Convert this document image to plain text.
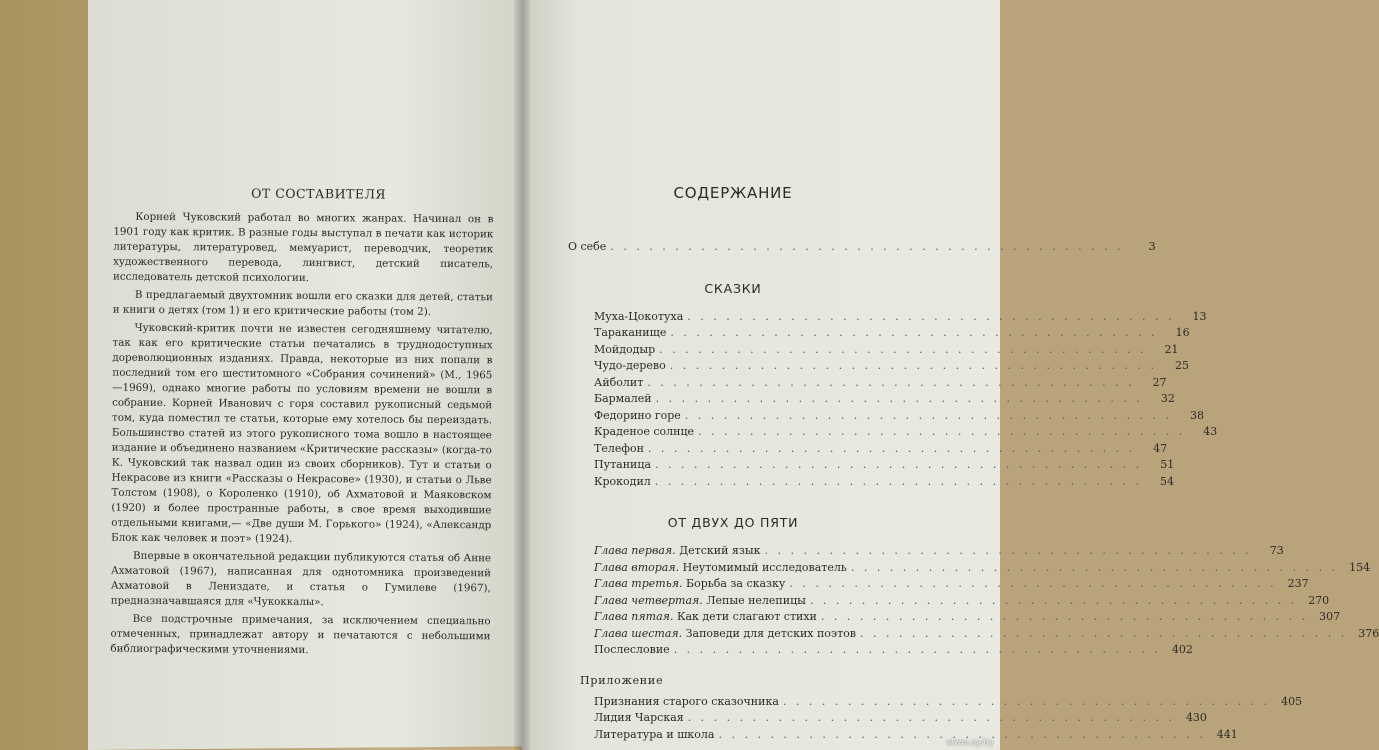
ОТ СОСТАВИТЕЛЯ

Корней Чуковский работал во многих жанрах. Начинал он в 1901 году как критик. В разные годы выступал в печати как историк литературы, литературовед, мемуарист, переводчик, теоретик художественного перевода, лингвист, детский писатель, исследователь детской психологии.

В предлагаемый двухтомник вошли его сказки для детей, статьи и книги о детях (том 1) и его критические работы (том 2).

Чуковский-критик почти не известен сегодняшнему читателю, так как его критические статьи печатались в труднодоступных дореволюционных изданиях. Правда, некоторые из них попали в последний том его шеститомного «Собрания сочинений» (М., 1965—1969), однако многие работы по условиям времени не вошли в собрание. Корней Иванович с горя составил рукописный седьмой том, куда поместил те статьи, которые ему хотелось бы переиздать. Большинство статей из этого рукописного тома вошло в настоящее издание и объединено названием «Критические рассказы» (когда-то К. Чуковский так назвал один из своих сборников). Тут и статьи о Некрасове из книги «Рассказы о Некрасове» (1930), и статьи о Льве Толстом (1908), о Короленко (1910), об Ахматовой и Маяковском (1920) и более пространные работы, в свое время выходившие отдельными книгами,— «Две души М. Горького» (1924), «Александр Блок как человек и поэт» (1924).

Впервые в окончательной редакции публикуются статья об Анне Ахматовой (1967), написанная для однотомника произведений Ахматовой в Лениздате, и статья о Гумилеве (1967), предназначавшаяся для «Чукоккалы».

Все подстрочные примечания, за исключением специально отмеченных, принадлежат автору и печатаются с небольшими библиографическими уточнениями.

СОДЕРЖАНИЕ
О себе . . . . . . . . . . . . . . . . . . . . . . . . . . . . . . . . . . . . . . . .	3
СКАЗКИ
Муха-Цокотуха . . . . . . . . . . . . . . . . . . . . . . . . . . . . . . . . . . . . . .	13
Тараканище . . . . . . . . . . . . . . . . . . . . . . . . . . . . . . . . . . . . . .	16
Мойдодыр . . . . . . . . . . . . . . . . . . . . . . . . . . . . . . . . . . . . . .	21
Чудо-дерево . . . . . . . . . . . . . . . . . . . . . . . . . . . . . . . . . . . . . .	25
Айболит . . . . . . . . . . . . . . . . . . . . . . . . . . . . . . . . . . . . . .	27
Бармалей . . . . . . . . . . . . . . . . . . . . . . . . . . . . . . . . . . . . . .	32
Федорино горе . . . . . . . . . . . . . . . . . . . . . . . . . . . . . . . . . . . . . .	38
Краденое солнце . . . . . . . . . . . . . . . . . . . . . . . . . . . . . . . . . . . . . .	43
Телефон . . . . . . . . . . . . . . . . . . . . . . . . . . . . . . . . . . . . . .	47
Путаница . . . . . . . . . . . . . . . . . . . . . . . . . . . . . . . . . . . . . .	51
Крокодил . . . . . . . . . . . . . . . . . . . . . . . . . . . . . . . . . . . . . .	54
ОТ ДВУХ ДО ПЯТИ
Глава первая. Детский язык . . . . . . . . . . . . . . . . . . . . . . . . . . . . . . . . . . . . . .	73
Глава вторая. Неутомимый исследователь . . . . . . . . . . . . . . . . . . . . . . . . . . . . . . . . . . . . . .	154
Глава третья. Борьба за сказку . . . . . . . . . . . . . . . . . . . . . . . . . . . . . . . . . . . . . .	237
Глава четвертая. Лепые нелепицы . . . . . . . . . . . . . . . . . . . . . . . . . . . . . . . . . . . . . .	270
Глава пятая. Как дети слагают стихи . . . . . . . . . . . . . . . . . . . . . . . . . . . . . . . . . . . . . .	307
Глава шестая. Заповеди для детских поэтов . . . . . . . . . . . . . . . . . . . . . . . . . . . . . . . . . . . . . .	376
Послесловие . . . . . . . . . . . . . . . . . . . . . . . . . . . . . . . . . . . . . .	402
Приложение
Признания старого сказочника . . . . . . . . . . . . . . . . . . . . . . . . . . . . . . . . . . . . . .	405
Лидия Чарская . . . . . . . . . . . . . . . . . . . . . . . . . . . . . . . . . . . . . .	430
Литература и школа . . . . . . . . . . . . . . . . . . . . . . . . . . . . . . . . . . . . . .	441
www.ay.by
